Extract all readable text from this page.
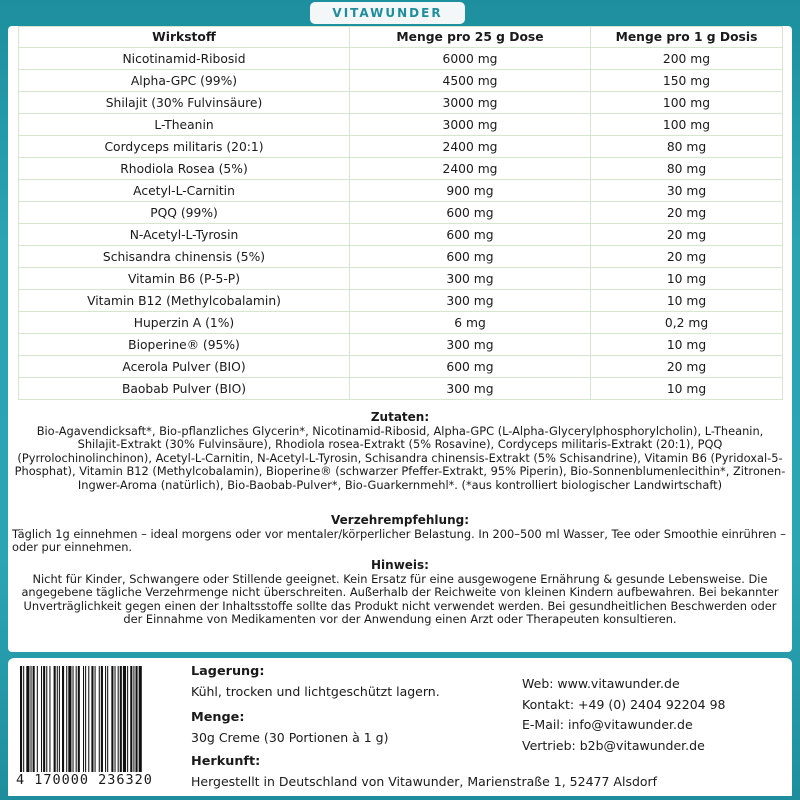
VITAWUNDER
Wirkstoff	Menge pro 25 g Dose	Menge pro 1 g Dosis
Nicotinamid-Ribosid	6000 mg	200 mg
Alpha-GPC (99%)	4500 mg	150 mg
Shilajit (30% Fulvinsäure)	3000 mg	100 mg
L-Theanin	3000 mg	100 mg
Cordyceps militaris (20:1)	2400 mg	80 mg
Rhodiola Rosea (5%)	2400 mg	80 mg
Acetyl-L-Carnitin	900 mg	30 mg
PQQ (99%)	600 mg	20 mg
N-Acetyl-L-Tyrosin	600 mg	20 mg
Schisandra chinensis (5%)	600 mg	20 mg
Vitamin B6 (P-5-P)	300 mg	10 mg
Vitamin B12 (Methylcobalamin)	300 mg	10 mg
Huperzin A (1%)	6 mg	0,2 mg
Bioperine® (95%)	300 mg	10 mg
Acerola Pulver (BIO)	600 mg	20 mg
Baobab Pulver (BIO)	300 mg	10 mg
Zutaten:

Bio-Agavendicksaft*, Bio-pflanzliches Glycerin*, Nicotinamid-Ribosid, Alpha-GPC (L-Alpha-Glycerylphosphorylcholin), L-Theanin, Shilajit-Extrakt (30% Fulvinsäure), Rhodiola rosea-Extrakt (5% Rosavine), Cordyceps militaris-Extrakt (20:1), PQQ (Pyrrolochinolinchinon), Acetyl-L-Carnitin, N-Acetyl-L-Tyrosin, Schisandra chinensis-Extrakt (5% Schisandrine), Vitamin B6 (Pyridoxal-5-Phosphat), Vitamin B12 (Methylcobalamin), Bioperine® (schwarzer Pfeffer-Extrakt, 95% Piperin), Bio-Sonnenblumenlecithin*, Zitronen-Ingwer-Aroma (natürlich), Bio-Baobab-Pulver*, Bio-Guarkernmehl*. (*aus kontrolliert biologischer Landwirtschaft)

Verzehrempfehlung:

Täglich 1g einnehmen – ideal morgens oder vor mentaler/körperlicher Belastung. In 200–500 ml Wasser, Tee oder Smoothie einrühren – oder pur einnehmen.

Hinweis:

Nicht für Kinder, Schwangere oder Stillende geeignet. Kein Ersatz für eine ausgewogene Ernährung & gesunde Lebensweise. Die angegebene tägliche Verzehrmenge nicht überschreiten. Außerhalb der Reichweite von kleinen Kindern aufbewahren. Bei bekannter Unverträglichkeit gegen einen der Inhaltsstoffe sollte das Produkt nicht verwendet werden. Bei gesundheitlichen Beschwerden oder der Einnahme von Medikamenten vor der Anwendung einen Arzt oder Therapeuten konsultieren.

4 170000 236320
Lagerung:
Kühl, trocken und lichtgeschützt lagern.
Menge:
30g Creme (30 Portionen à 1 g)
Herkunft:
Hergestellt in Deutschland von Vitawunder, Marienstraße 1, 52477 Alsdorf
Web: www.vitawunder.de
Kontakt: +49 (0) 2404 92204 98
E-Mail: info@vitawunder.de
Vertrieb: b2b@vitawunder.de
